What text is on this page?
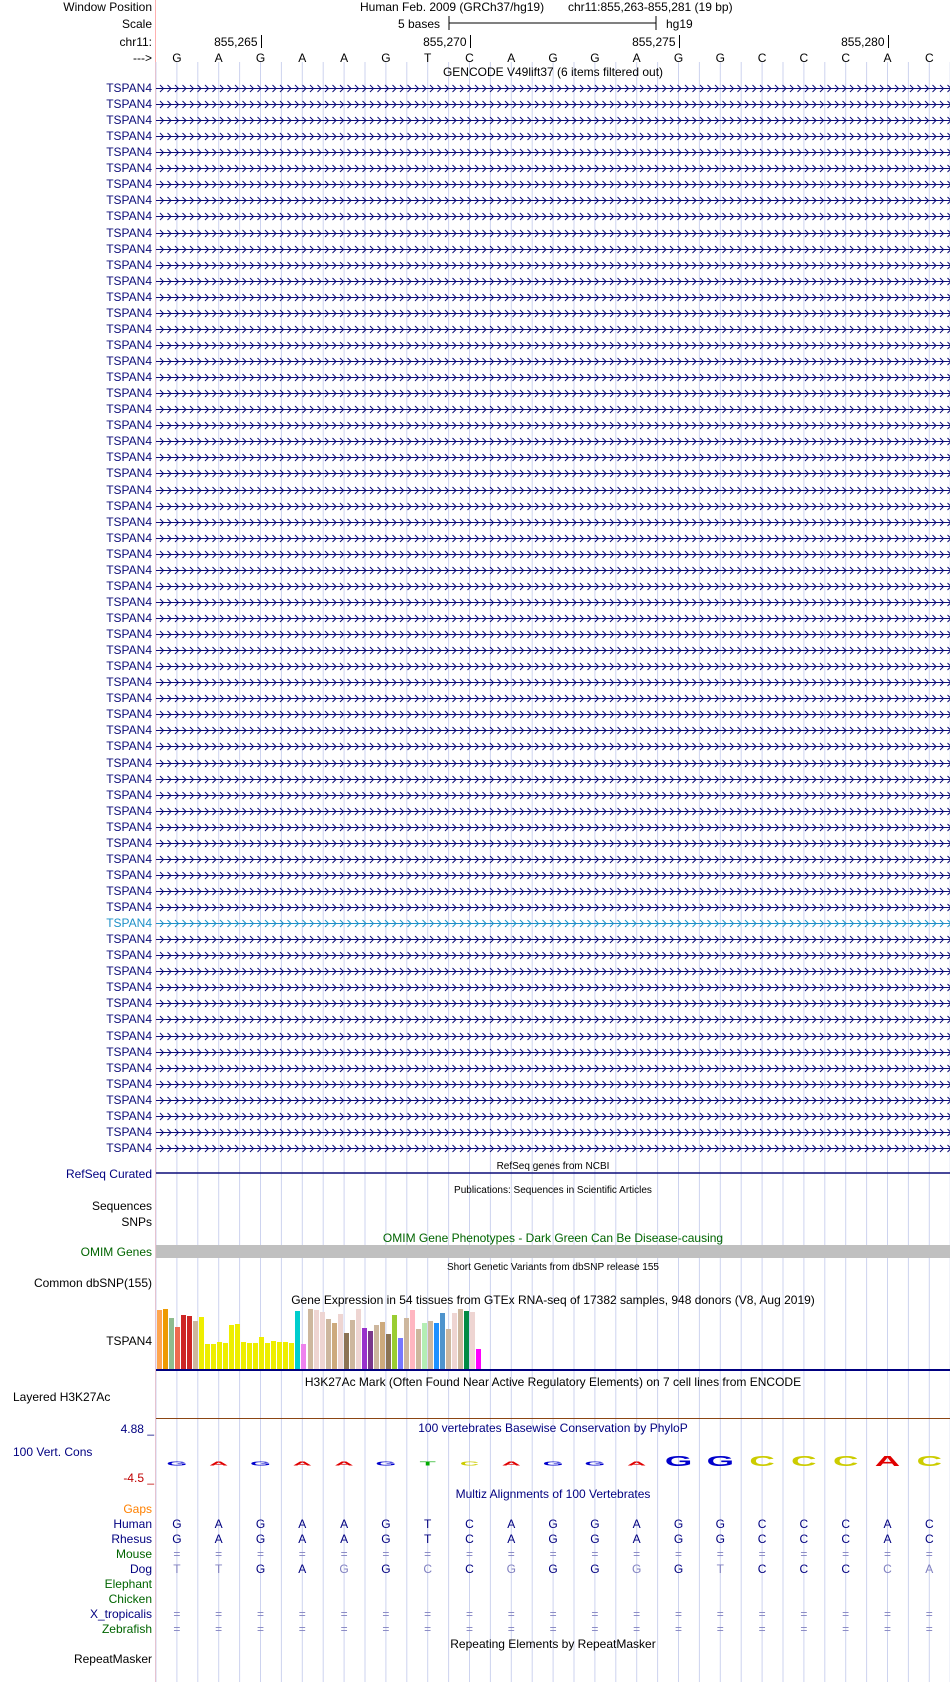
Window Position	Human Feb. 2009 (GRCh37/hg19) chr11:855,263-855,281 (19 bp)
Scale	5 bases	hg19
chr11:	855,265	855,270	855,275	855,280
--->	G	A	G	A	A	G	T	C	A	G	G	A	G	G	C	C	C	A	C
GENCODE V49lift37 (6 items filtered out)
TSPAN4
TSPAN4
TSPAN4
TSPAN4
TSPAN4
TSPAN4
TSPAN4
TSPAN4
TSPAN4
TSPAN4
TSPAN4
TSPAN4
TSPAN4
TSPAN4
TSPAN4
TSPAN4
TSPAN4
TSPAN4
TSPAN4
TSPAN4
TSPAN4
TSPAN4
TSPAN4
TSPAN4
TSPAN4
TSPAN4
TSPAN4
TSPAN4
TSPAN4
TSPAN4
TSPAN4
TSPAN4
TSPAN4
TSPAN4
TSPAN4
TSPAN4
TSPAN4
TSPAN4
TSPAN4
TSPAN4
TSPAN4
TSPAN4
TSPAN4
TSPAN4
TSPAN4
TSPAN4
TSPAN4
TSPAN4
TSPAN4
TSPAN4
TSPAN4
TSPAN4
TSPAN4
TSPAN4
TSPAN4
TSPAN4
TSPAN4
TSPAN4
TSPAN4
TSPAN4
TSPAN4
TSPAN4
TSPAN4
TSPAN4
TSPAN4
TSPAN4
TSPAN4
RefSeq genes from NCBI
RefSeq Curated
Publications: Sequences in Scientific Articles
Sequences
SNPs
OMIM Gene Phenotypes - Dark Green Can Be Disease-causing
OMIM Genes
Short Genetic Variants from dbSNP release 155
Common dbSNP(155)
Gene Expression in 54 tissues from GTEx RNA-seq of 17382 samples, 948 donors (V8, Aug 2019)
TSPAN4
H3K27Ac Mark (Often Found Near Active Regulatory Elements) on 7 cell lines from ENCODE
Layered H3K27Ac
100 vertebrates Basewise Conservation by PhyloP
4.88 _
100 Vert. Cons
-4.5 _
G A G A A G T C A G G A G G C C C A C
Multiz Alignments of 100 Vertebrates
Gaps
Human	G	A	G	A	A	G	T	C	A	G	G	A	G	G	C	C	C	A	C
Rhesus	G	A	G	A	A	G	T	C	A	G	G	A	G	G	C	C	C	A	C
Mouse	=	=	=	=	=	=	=	=	=	=	=	=	=	=	=	=	=	=	=
Dog	T	T	G	A	G	G	C	C	G	G	G	G	G	T	C	C	C	C	A
Elephant
Chicken
X_tropicalis	=	=	=	=	=	=	=	=	=	=	=	=	=	=	=	=	=	=	=
Zebrafish	=	=	=	=	=	=	=	=	=	=	=	=	=	=	=	=	=	=	=
Repeating Elements by RepeatMasker
RepeatMasker
